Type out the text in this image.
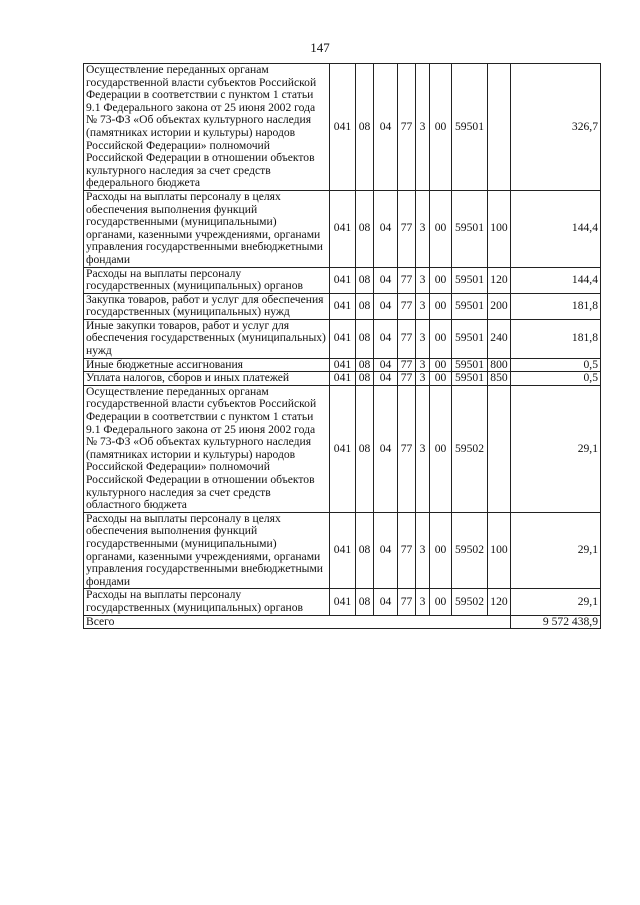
147
Осуществление переданных органам государственной власти субъектов Российской Федерации в соответствии с пунктом 1 статьи 9.1 Федерального закона от 25 июня 2002 года № 73-ФЗ «Об объектах культурного наследия (памятниках истории и культуры) народов Российской Федерации» полномочий Российской Федерации в отношении объектов культурного наследия за счет средств федерального бюджета	041	08	04	77	3	00	59501		326,7
Расходы на выплаты персоналу в целях обеспечения выполнения функций государственными (муниципальными) органами, казенными учреждениями, органами управления государственными внебюджетными фондами	041	08	04	77	3	00	59501	100	144,4
Расходы на выплаты персоналу государственных (муниципальных) органов	041	08	04	77	3	00	59501	120	144,4
Закупка товаров, работ и услуг для обеспечения государственных (муниципальных) нужд	041	08	04	77	3	00	59501	200	181,8
Иные закупки товаров, работ и услуг для обеспечения государственных (муниципальных) нужд	041	08	04	77	3	00	59501	240	181,8
Иные бюджетные ассигнования	041	08	04	77	3	00	59501	800	0,5
Уплата налогов, сборов и иных платежей	041	08	04	77	3	00	59501	850	0,5
Осуществление переданных органам государственной власти субъектов Российской Федерации в соответствии с пунктом 1 статьи 9.1 Федерального закона от 25 июня 2002 года № 73-ФЗ «Об объектах культурного наследия (памятниках истории и культуры) народов Российской Федерации» полномочий Российской Федерации в отношении объектов культурного наследия за счет средств областного бюджета	041	08	04	77	3	00	59502		29,1
Расходы на выплаты персоналу в целях обеспечения выполнения функций государственными (муниципальными) органами, казенными учреждениями, органами управления государственными внебюджетными фондами	041	08	04	77	3	00	59502	100	29,1
Расходы на выплаты персоналу государственных (муниципальных) органов	041	08	04	77	3	00	59502	120	29,1
Всего									9 572 438,9
